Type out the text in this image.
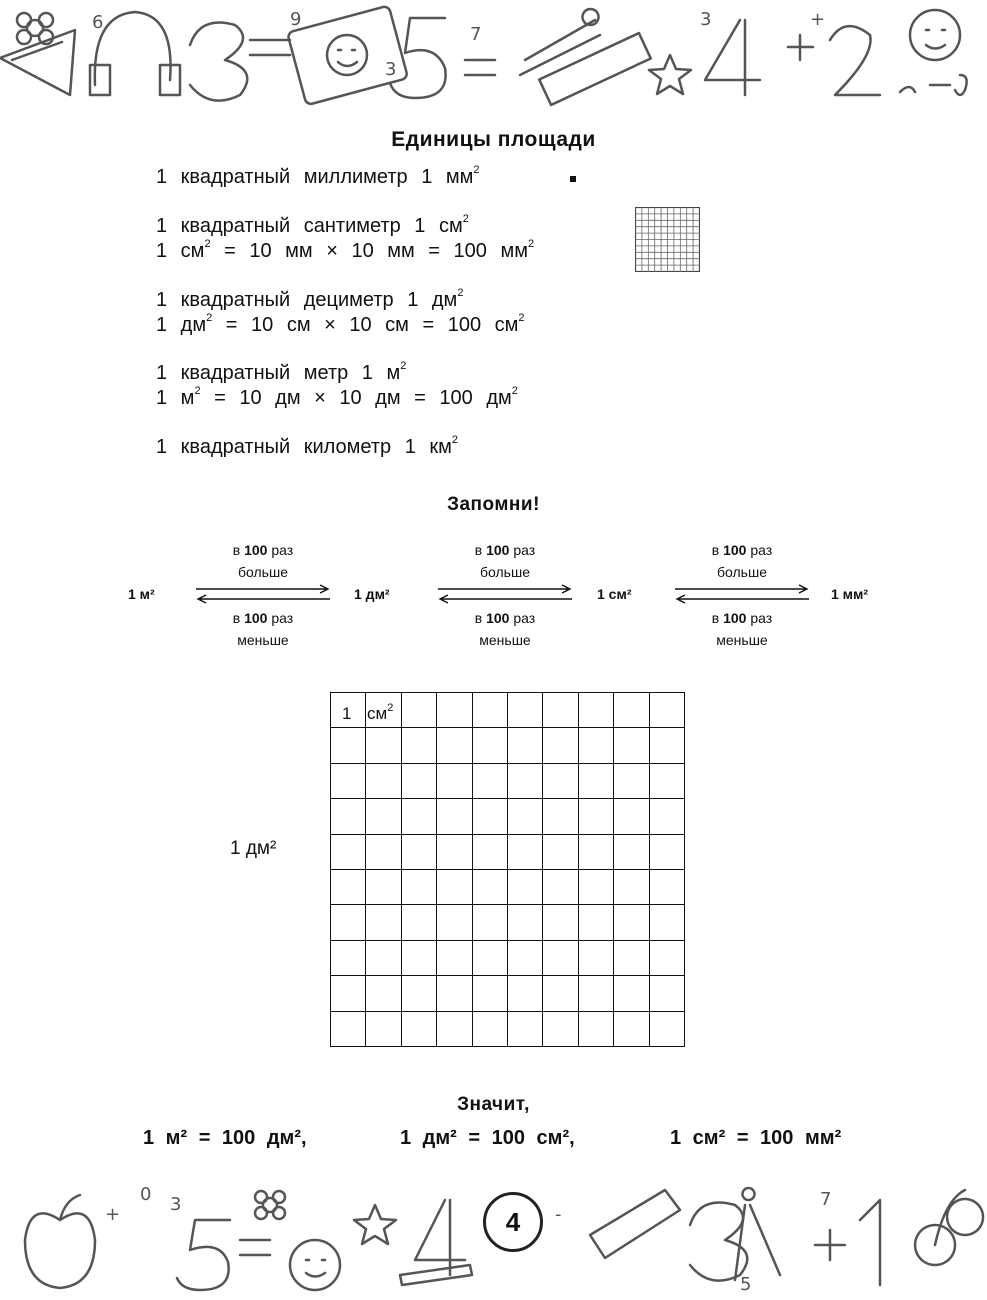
6
7
3
9	+
3
Единицы площади
1 квадратный миллиметр 1 $мм^2$
1 квадратный сантиметр 1 $см^2$
1 $см^2 = 10$ мм × 10 мм = 100 $мм^2$
1 квадратный дециметр 1 $дм^2$
1 $дм^2 = 10$ см × 10 см = 100 $см^2$
1 квадратный метр 1 $м^2$
1 $м^2 = 10$ дм × 10 дм = 100 $дм^2$
1 квадратный километр 1 $км^2$
Запомни!
1 м²	1 дм²	1 см²	1 мм²
в 100 раз
больше
в 100 раз
меньше
в 100 раз
больше
в 100 раз
меньше
в 100 раз
больше
в 100 раз
меньше
1 дм²

1 $см^2$
Значит,
1 м² = 100 дм²,	1 дм² = 100 см²,	1 см² = 100 мм²
3
+
0
-
5
7
4
